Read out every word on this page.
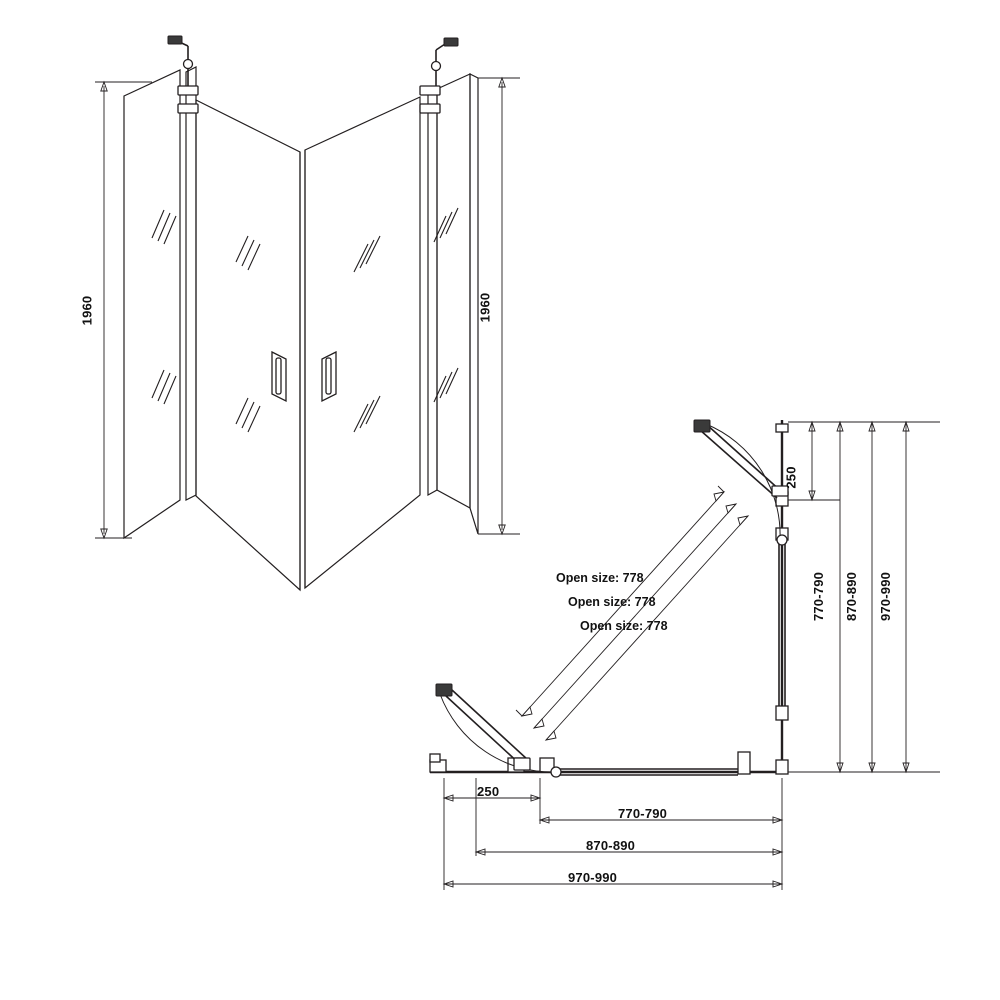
1960	1960
Open size: 778
Open size: 778
Open size: 778
250
770-790 870-890 970-990
250
770-790
870-890
970-990
